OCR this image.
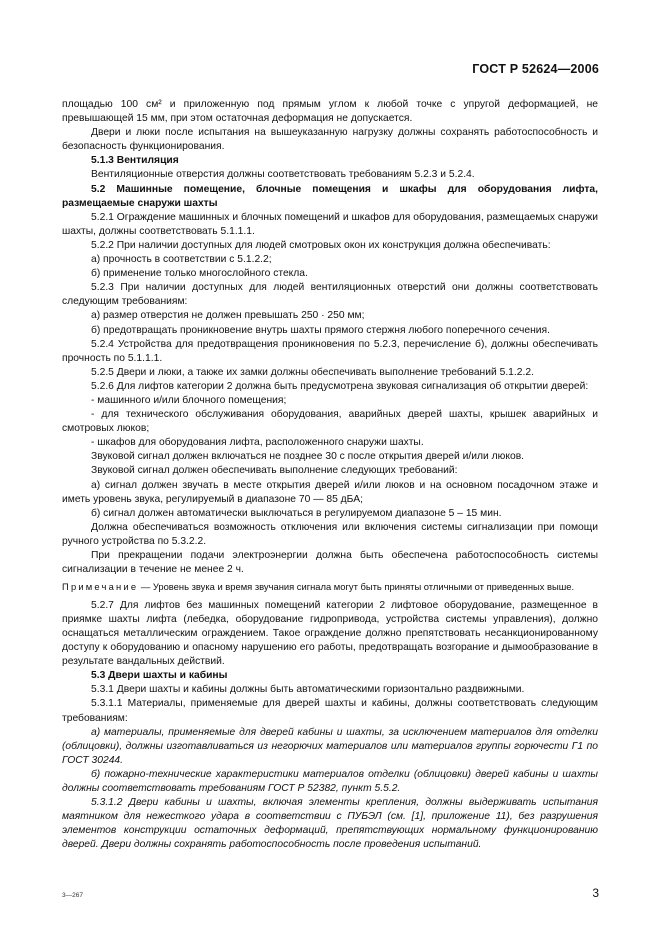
ГОСТ Р 52624—2006

площадью 100 см² и приложенную под прямым углом к любой точке с упругой деформацией, не превышающей 15 мм, при этом остаточная деформация не допускается.

Двери и люки после испытания на вышеуказанную нагрузку должны сохранять работоспособность и безопасность функционирования.

5.1.3 Вентиляция

Вентиляционные отверстия должны соответствовать требованиям 5.2.3 и 5.2.4.

5.2 Машинные помещение, блочные помещения и шкафы для оборудования лифта, размещаемые снаружи шахты

5.2.1 Ограждение машинных и блочных помещений и шкафов для оборудования, размещаемых снаружи шахты, должны соответствовать 5.1.1.1.

5.2.2 При наличии доступных для людей смотровых окон их конструкция должна обеспечивать:

а) прочность в соответствии с 5.1.2.2;

б) применение только многослойного стекла.

5.2.3 При наличии доступных для людей вентиляционных отверстий они должны соответствовать следующим требованиям:

а) размер отверстия не должен превышать 250 · 250 мм;

б) предотвращать проникновение внутрь шахты прямого стержня любого поперечного сечения.

5.2.4 Устройства для предотвращения проникновения по 5.2.3, перечисление б), должны обеспечивать прочность по 5.1.1.1.

5.2.5 Двери и люки, а также их замки должны обеспечивать выполнение требований 5.1.2.2.

5.2.6 Для лифтов категории 2 должна быть предусмотрена звуковая сигнализация об открытии дверей:

- машинного и/или блочного помещения;

- для технического обслуживания оборудования, аварийных дверей шахты, крышек аварийных и смотровых люков;

- шкафов для оборудования лифта, расположенного снаружи шахты.

Звуковой сигнал должен включаться не позднее 30 с после открытия дверей и/или люков.

Звуковой сигнал должен обеспечивать выполнение следующих требований:

а) сигнал должен звучать в месте открытия дверей и/или люков и на основном посадочном этаже и иметь уровень звука, регулируемый в диапазоне 70 — 85 дБА;

б) сигнал должен автоматически выключаться в регулируемом диапазоне 5 – 15 мин.

Должна обеспечиваться возможность отключения или включения системы сигнализации при помощи ручного устройства по 5.3.2.2.

При прекращении подачи электроэнергии должна быть обеспечена работоспособность системы сигнализации в течение не менее 2 ч.

Примечание — Уровень звука и время звучания сигнала могут быть приняты отличными от приведенных выше.

5.2.7 Для лифтов без машинных помещений категории 2 лифтовое оборудование, размещенное в приямке шахты лифта (лебедка, оборудование гидропривода, устройства системы управления), должно оснащаться металлическим ограждением. Такое ограждение должно препятствовать несанкционированному доступу к оборудованию и опасному нарушению его работы, предотвращать возгорание и дымообразование в результате вандальных действий.

5.3 Двери шахты и кабины

5.3.1 Двери шахты и кабины должны быть автоматическими горизонтально раздвижными.

5.3.1.1 Материалы, применяемые для дверей шахты и кабины, должны соответствовать следующим требованиям:

а) материалы, применяемые для дверей кабины и шахты, за исключением материалов для отделки (облицовки), должны изготавливаться из негорючих материалов или материалов группы горючести Г1 по ГОСТ 30244.

б) пожарно-технические характеристики материалов отделки (облицовки) дверей кабины и шахты должны соответствовать требованиям ГОСТ Р 52382, пункт 5.5.2.

5.3.1.2 Двери кабины и шахты, включая элементы крепления, должны выдерживать испытания маятником для нежесткого удара в соответствии с ПУБЭЛ (см. [1], приложение 11), без разрушения элементов конструкции остаточных деформаций, препятствующих нормальному функционированию дверей. Двери должны сохранять работоспособность после проведения испытаний.

3—267	3
